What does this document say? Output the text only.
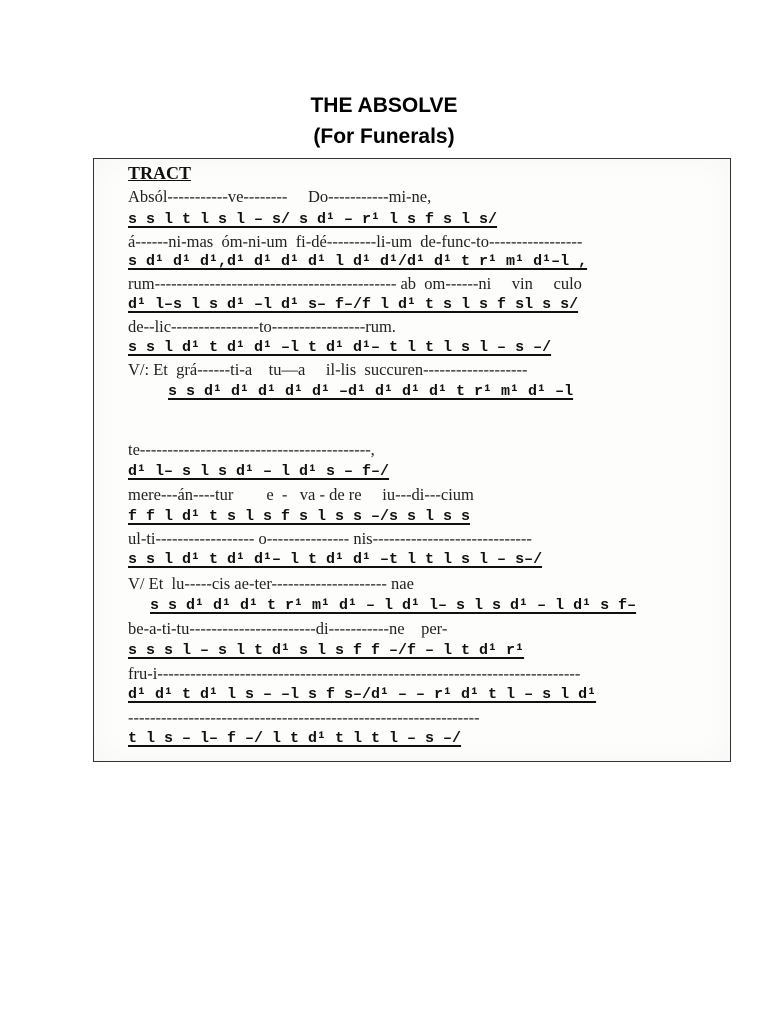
THE ABSOLVE
(For Funerals)
TRACT
Absól-----------ve--------     Do-----------mi-ne,
s s l t l s l – s/ s d¹ – r¹ l s f s l s/
á------ni-mas  óm-ni-um  fi-dé---------li-um  de-func-to-----------------
s d¹ d¹ d¹,d¹ d¹ d¹ d¹ l d¹ d¹/d¹ d¹ t r¹ m¹ d¹–l ,
rum-------------------------------------------- ab  om------ni     vin     culo
d¹ l–s l s d¹ –l d¹ s– f–/f l d¹ t s l s f sl s s/
de--lic----------------to-----------------rum.
s s l d¹ t d¹ d¹ –l t d¹ d¹– t l t l s l – s –/
V/: Et  grá------ti-a    tu—a     il-lis  succuren-------------------
s s d¹ d¹ d¹ d¹ d¹ –d¹ d¹ d¹ d¹ t r¹ m¹ d¹ –l
te------------------------------------------,
d¹ l– s l s d¹ – l d¹ s – f–/
mere---án----tur        e  -   va - de re     iu---di---cium
f f l d¹ t s l s f s l s s –/s s l s s
ul-ti------------------ o--------------- nis-----------------------------
s s l d¹ t d¹ d¹– l t d¹ d¹ –t l t l s l – s–/
V/ Et  lu-----cis ae-ter--------------------- nae
s s d¹ d¹ d¹ t r¹ m¹ d¹ – l d¹ l– s l s d¹ – l d¹ s f–
be-a-ti-tu-----------------------di-----------ne    per-
s s s l – s l t d¹ s l s f f –/f – l t d¹ r¹
fru-i-----------------------------------------------------------------------------
d¹ d¹ t d¹ l s – –l s f s–/d¹ – – r¹ d¹ t l – s l d¹
----------------------------------------------------------------
t l s – l– f –/ l t d¹ t l t l – s –/
